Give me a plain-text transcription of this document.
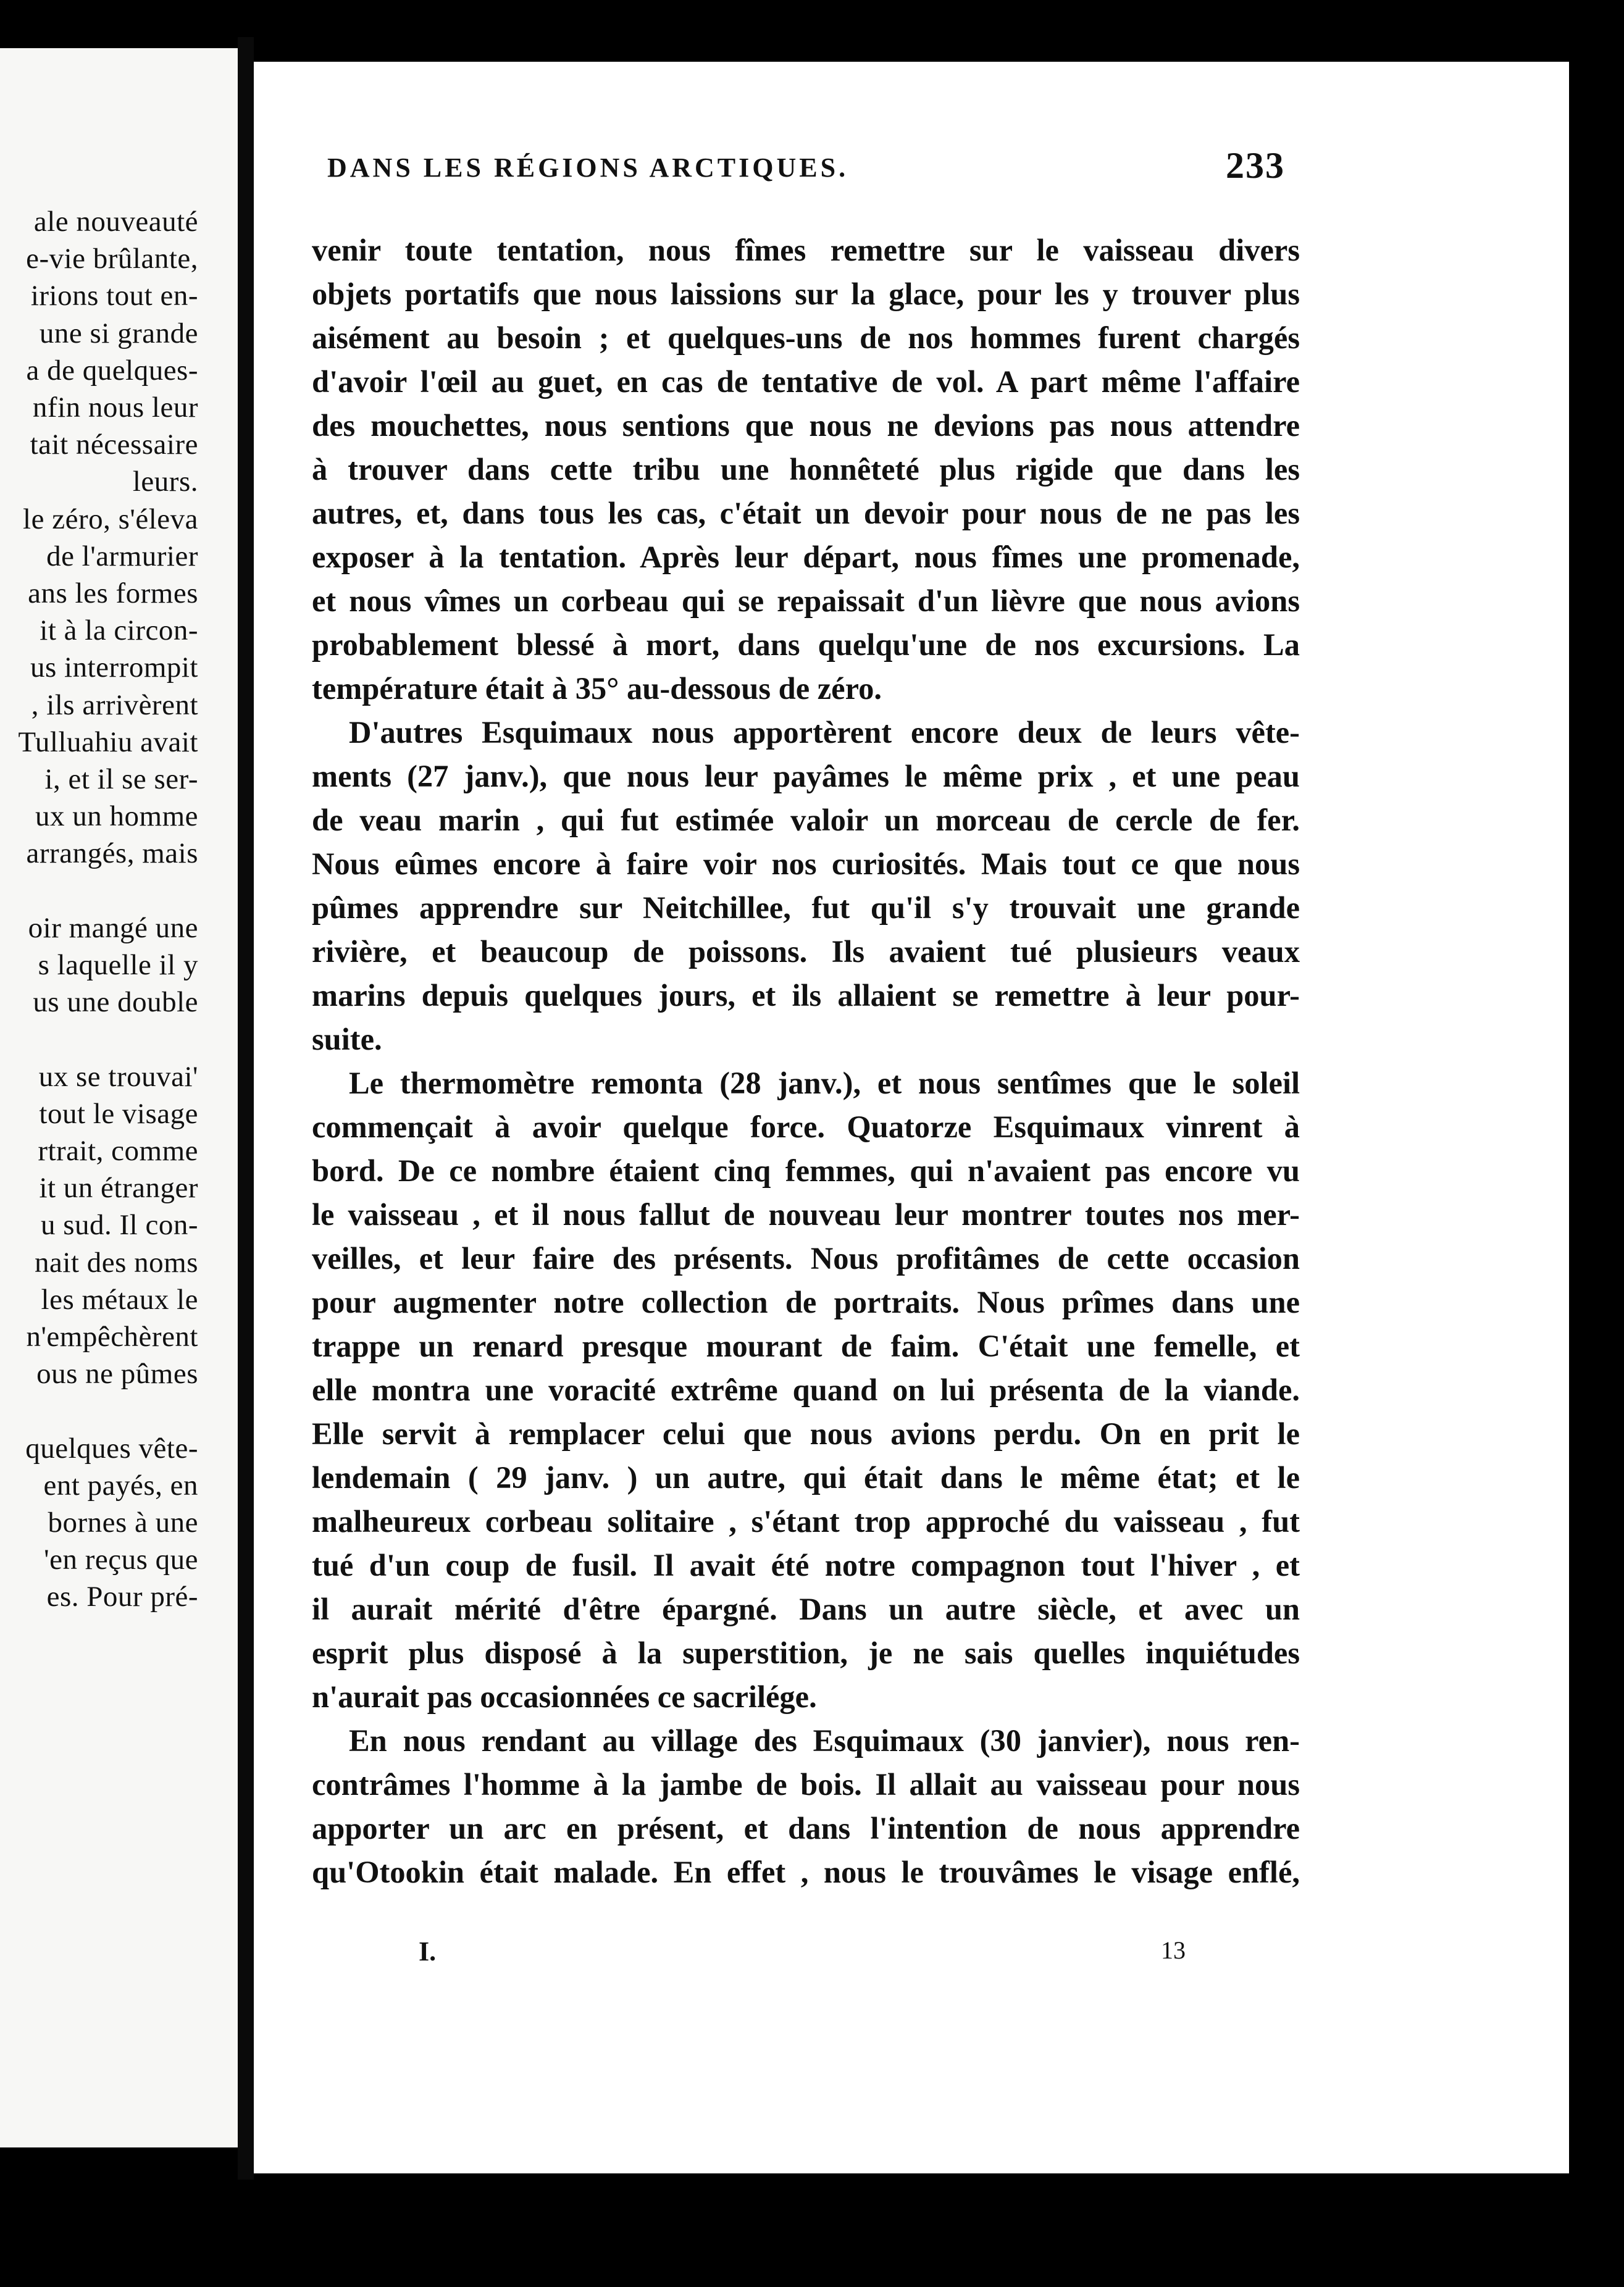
ale nouveauté
e-vie brûlante,
irions tout en-
une si grande
a de quelques-
nfin nous leur
tait nécessaire
leurs.
le zéro, s'éleva
de l'armurier
ans les formes
it à la circon-
us interrompit
, ils arrivèrent
Tulluahiu avait
i, et il se ser-
ux un homme
arrangés, mais
oir mangé une
s laquelle il y
us une double
ux se trouvai'
tout le visage
rtrait, comme
it un étranger
u sud. Il con-
nait des noms
les métaux le
n'empêchèrent
ous ne pûmes
quelques vête-
ent payés, en
bornes à une
'en reçus que
es. Pour pré-
DANS LES RÉGIONS ARCTIQUES.	233
venir toute tentation, nous fîmes remettre sur le vaisseau divers
objets portatifs que nous laissions sur la glace, pour les y trouver plus
aisément au besoin ; et quelques-uns de nos hommes furent chargés
d'avoir l'œil au guet, en cas de tentative de vol. A part même l'affaire
des mouchettes, nous sentions que nous ne devions pas nous attendre
à trouver dans cette tribu une honnêteté plus rigide que dans les
autres, et, dans tous les cas, c'était un devoir pour nous de ne pas les
exposer à la tentation. Après leur départ, nous fîmes une promenade,
et nous vîmes un corbeau qui se repaissait d'un lièvre que nous avions
probablement blessé à mort, dans quelqu'une de nos excursions. La
température était à 35° au-dessous de zéro.
D'autres Esquimaux nous apportèrent encore deux de leurs vête-
ments (27 janv.), que nous leur payâmes le même prix , et une peau
de veau marin , qui fut estimée valoir un morceau de cercle de fer.
Nous eûmes encore à faire voir nos curiosités. Mais tout ce que nous
pûmes apprendre sur Neitchillee, fut qu'il s'y trouvait une grande
rivière, et beaucoup de poissons. Ils avaient tué plusieurs veaux
marins depuis quelques jours, et ils allaient se remettre à leur pour-
suite.
Le thermomètre remonta (28 janv.), et nous sentîmes que le soleil
commençait à avoir quelque force. Quatorze Esquimaux vinrent à
bord. De ce nombre étaient cinq femmes, qui n'avaient pas encore vu
le vaisseau , et il nous fallut de nouveau leur montrer toutes nos mer-
veilles, et leur faire des présents. Nous profitâmes de cette occasion
pour augmenter notre collection de portraits. Nous prîmes dans une
trappe un renard presque mourant de faim. C'était une femelle, et
elle montra une voracité extrême quand on lui présenta de la viande.
Elle servit à remplacer celui que nous avions perdu. On en prit le
lendemain ( 29 janv. ) un autre, qui était dans le même état; et le
malheureux corbeau solitaire , s'étant trop approché du vaisseau , fut
tué d'un coup de fusil. Il avait été notre compagnon tout l'hiver , et
il aurait mérité d'être épargné. Dans un autre siècle, et avec un
esprit plus disposé à la superstition, je ne sais quelles inquiétudes
n'aurait pas occasionnées ce sacrilége.
En nous rendant au village des Esquimaux (30 janvier), nous ren-
contrâmes l'homme à la jambe de bois. Il allait au vaisseau pour nous
apporter un arc en présent, et dans l'intention de nous apprendre
qu'Otookin était malade. En effet , nous le trouvâmes le visage enflé,
I.	13
